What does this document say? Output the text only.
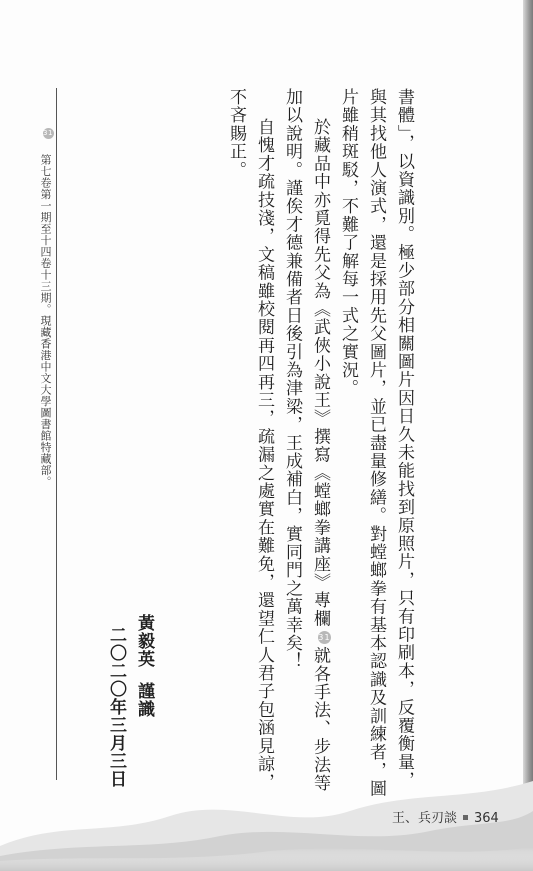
書體」，以資識別。極少部分相關圖片因日久未能找到原照片，只有印刷本，反覆衡量，
與其找他人演式，還是採用先父圖片，並已盡量修繕。對螳螂拳有基本認識及訓練者，圖
片雖稍斑駁，不難了解每一式之實況。
於藏品中亦覓得先父為《武俠小說王》撰寫《螳螂拳講座》專欄31就各手法、步法等
加以說明。謹俟才德兼備者日後引為津梁，王成補白，實同門之萬幸矣！
自愧才疏技淺，文稿雖校閱再四再三，疏漏之處實在難免，還望仁人君子包涵見諒，
不吝賜正。
黃毅英謹識
二〇二〇年三月三日
31  第七卷第一期至十四卷十三期。現藏香港中文大學圖書館特藏部。
王、兵刃談 364
